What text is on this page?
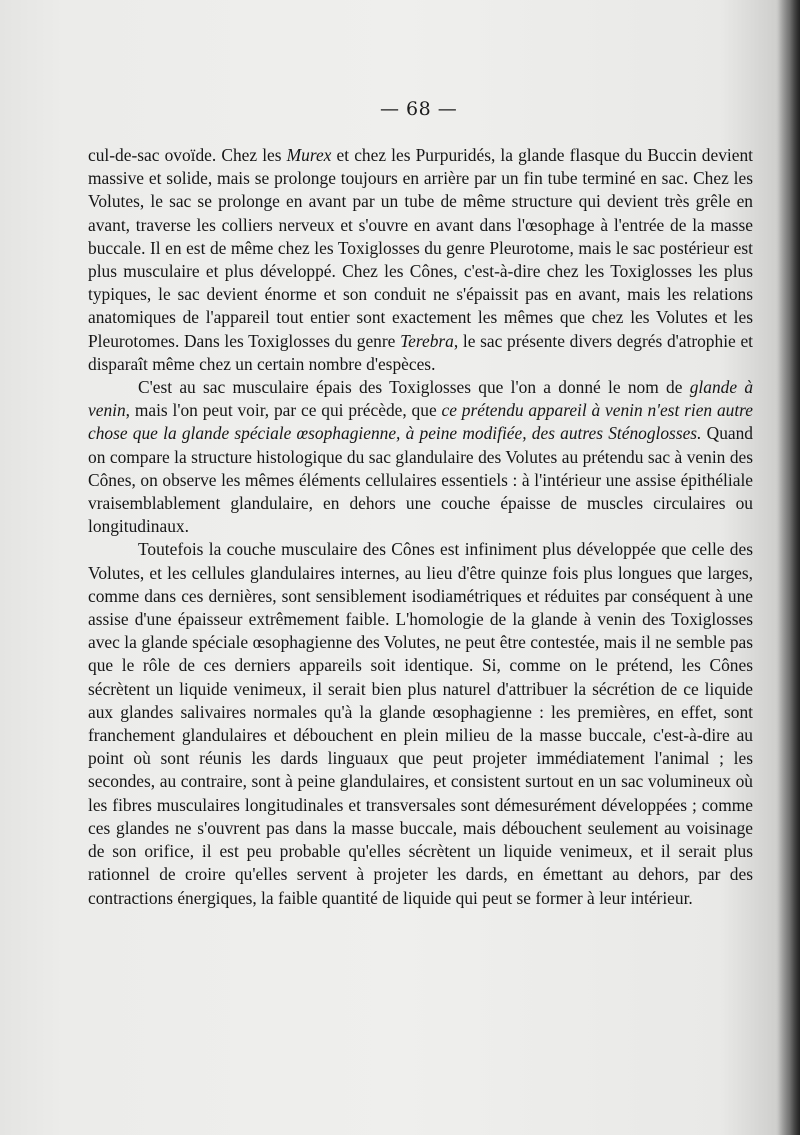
— 68 —

cul-de-sac ovoïde. Chez les Murex et chez les Purpuridés, la glande flasque du Buccin devient massive et solide, mais se prolonge toujours en arrière par un fin tube terminé en sac. Chez les Volutes, le sac se prolonge en avant par un tube de même structure qui devient très grêle en avant, traverse les colliers nerveux et s'ouvre en avant dans l'œsophage à l'entrée de la masse buccale. Il en est de même chez les Toxiglosses du genre Pleurotome, mais le sac postérieur est plus musculaire et plus développé. Chez les Cônes, c'est-à-dire chez les Toxiglosses les plus typiques, le sac devient énorme et son conduit ne s'épaissit pas en avant, mais les relations anatomiques de l'appareil tout entier sont exactement les mêmes que chez les Volutes et les Pleurotomes. Dans les Toxiglosses du genre Terebra, le sac présente divers degrés d'atrophie et disparaît même chez un certain nombre d'espèces.

C'est au sac musculaire épais des Toxiglosses que l'on a donné le nom de glande à venin, mais l'on peut voir, par ce qui précède, que ce prétendu appareil à venin n'est rien autre chose que la glande spéciale œsophagienne, à peine modifiée, des autres Sténoglosses. Quand on compare la structure histologique du sac glandulaire des Volutes au prétendu sac à venin des Cônes, on observe les mêmes éléments cellulaires essentiels : à l'intérieur une assise épithéliale vraisemblablement glandulaire, en dehors une couche épaisse de muscles circulaires ou longitudinaux.

Toutefois la couche musculaire des Cônes est infiniment plus développée que celle des Volutes, et les cellules glandulaires internes, au lieu d'être quinze fois plus longues que larges, comme dans ces dernières, sont sensiblement isodiamétriques et réduites par conséquent à une assise d'une épaisseur extrêmement faible. L'homologie de la glande à venin des Toxiglosses avec la glande spéciale œsophagienne des Volutes, ne peut être contestée, mais il ne semble pas que le rôle de ces derniers appareils soit identique. Si, comme on le prétend, les Cônes sécrètent un liquide venimeux, il serait bien plus naturel d'attribuer la sécrétion de ce liquide aux glandes salivaires normales qu'à la glande œsophagienne : les premières, en effet, sont franchement glandulaires et débouchent en plein milieu de la masse buccale, c'est-à-dire au point où sont réunis les dards linguaux que peut projeter immédiatement l'animal ; les secondes, au contraire, sont à peine glandulaires, et consistent surtout en un sac volumineux où les fibres musculaires longitudinales et transversales sont démesurément développées ; comme ces glandes ne s'ouvrent pas dans la masse buccale, mais débouchent seulement au voisinage de son orifice, il est peu probable qu'elles sécrètent un liquide venimeux, et il serait plus rationnel de croire qu'elles servent à projeter les dards, en émettant au dehors, par des contractions énergiques, la faible quantité de liquide qui peut se former à leur intérieur.
